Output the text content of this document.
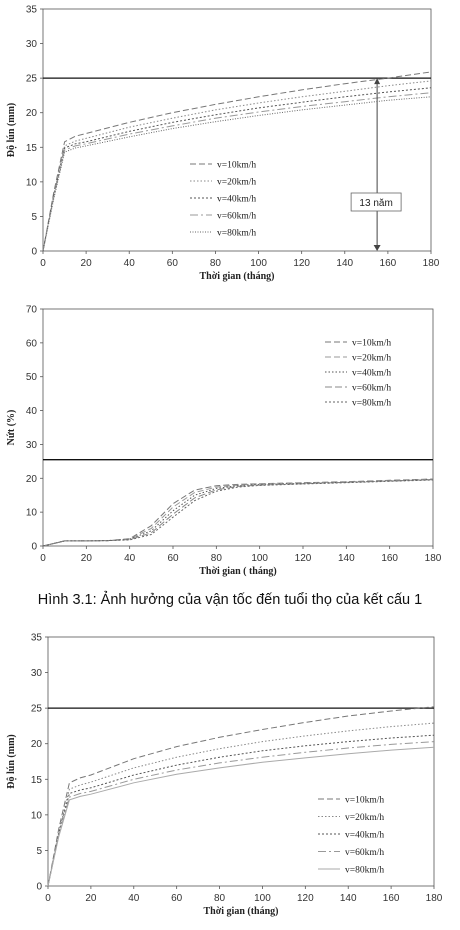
0
5
10
15
20
25
30
35
0	20	40	60	80	100	120	140	160	180
Thời gian (tháng)
Độ lún (mm)
13 năm
v=10km/h
v=20km/h
v=40km/h
v=60km/h
v=80km/h
0
10
20
30
40
50
60
70
0	20	40	60	80	100	120	140	160	180
Thời gian ( tháng)
Nứt (%)
v=10km/h
v=20km/h
v=40km/h
v=60km/h
v=80km/h
Hình 3.1: Ảnh hưởng của vận tốc đến tuổi thọ của kết cấu 1
0
5
10
15
20
25
30
35
0	20	40	60	80	100	120	140	160	180
Thời gian (tháng)
Độ lún (mm)
v=10km/h
v=20km/h
v=40km/h
v=60km/h
v=80km/h
